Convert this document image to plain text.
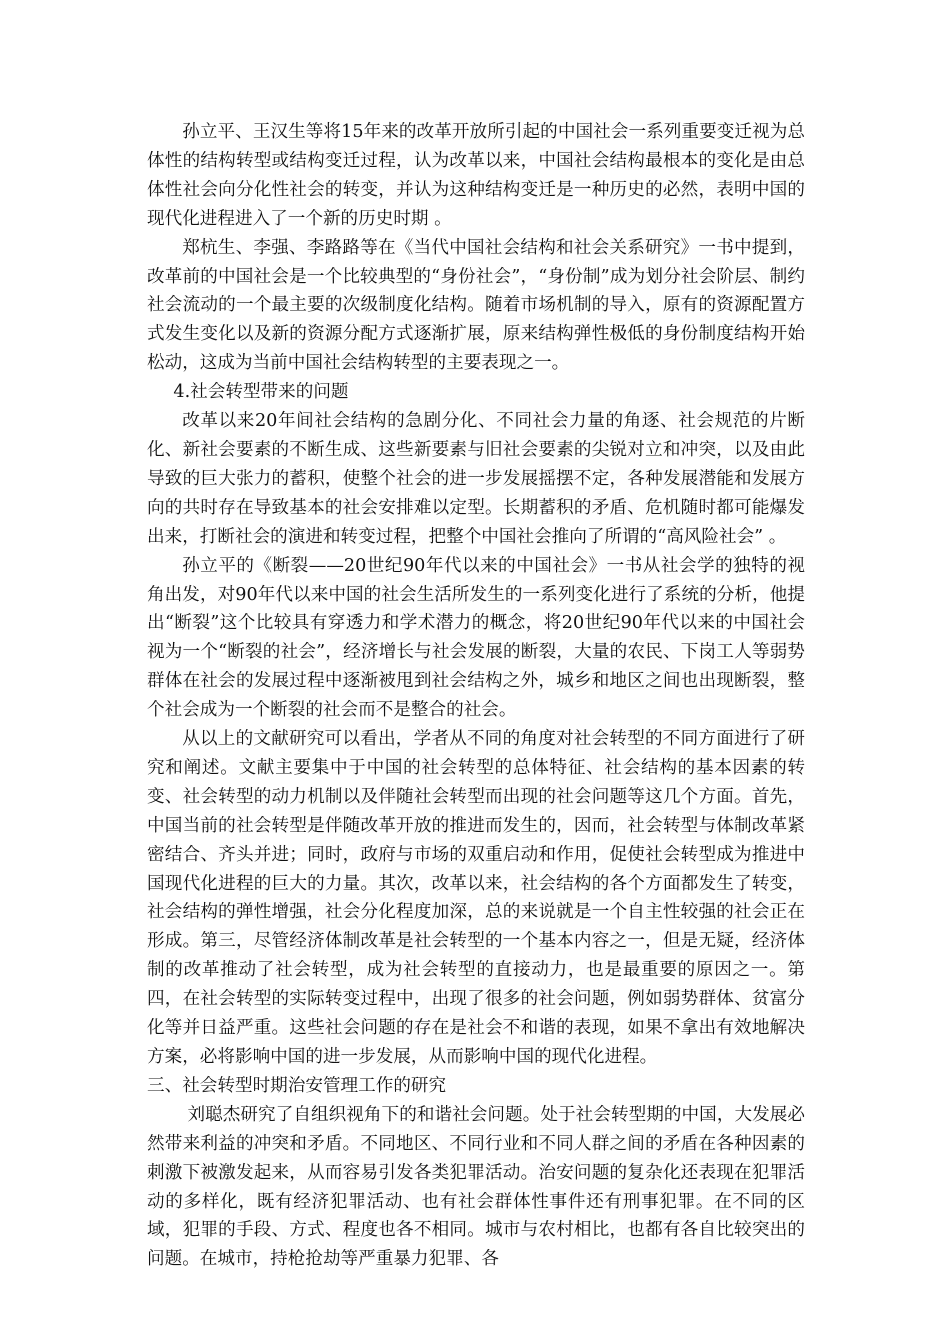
孙立平、王汉生等将15年来的改革开放所引起的中国社会一系列重要变迁视为总体性的结构转型或结构变迁过程，认为改革以来，中国社会结构最根本的变化是由总体性社会向分化性社会的转变，并认为这种结构变迁是一种历史的必然，表明中国的现代化进程进入了一个新的历史时期 。

郑杭生、李强、李路路等在《当代中国社会结构和社会关系研究》一书中提到，改革前的中国社会是一个比较典型的“身份社会”，“身份制”成为划分社会阶层、制约社会流动的一个最主要的次级制度化结构。随着市场机制的导入，原有的资源配置方式发生变化以及新的资源分配方式逐渐扩展，原来结构弹性极低的身份制度结构开始松动，这成为当前中国社会结构转型的主要表现之一。

4.社会转型带来的问题

改革以来20年间社会结构的急剧分化、不同社会力量的角逐、社会规范的片断化、新社会要素的不断生成、这些新要素与旧社会要素的尖锐对立和冲突，以及由此导致的巨大张力的蓄积，使整个社会的进一步发展摇摆不定，各种发展潜能和发展方向的共时存在导致基本的社会安排难以定型。长期蓄积的矛盾、危机随时都可能爆发出来，打断社会的演进和转变过程，把整个中国社会推向了所谓的“高风险社会” 。

孙立平的《断裂——20世纪90年代以来的中国社会》一书从社会学的独特的视角出发，对90年代以来中国的社会生活所发生的一系列变化进行了系统的分析，他提出“断裂”这个比较具有穿透力和学术潜力的概念，将20世纪90年代以来的中国社会视为一个“断裂的社会”，经济增长与社会发展的断裂，大量的农民、下岗工人等弱势群体在社会的发展过程中逐渐被甩到社会结构之外，城乡和地区之间也出现断裂，整个社会成为一个断裂的社会而不是整合的社会。

从以上的文献研究可以看出，学者从不同的角度对社会转型的不同方面进行了研究和阐述。文献主要集中于中国的社会转型的总体特征、社会结构的基本因素的转变、社会转型的动力机制以及伴随社会转型而出现的社会问题等这几个方面。首先，中国当前的社会转型是伴随改革开放的推进而发生的，因而，社会转型与体制改革紧密结合、齐头并进；同时，政府与市场的双重启动和作用，促使社会转型成为推进中国现代化进程的巨大的力量。其次，改革以来，社会结构的各个方面都发生了转变，社会结构的弹性增强，社会分化程度加深，总的来说就是一个自主性较强的社会正在形成。第三，尽管经济体制改革是社会转型的一个基本内容之一，但是无疑，经济体制的改革推动了社会转型，成为社会转型的直接动力，也是最重要的原因之一。第四，在社会转型的实际转变过程中，出现了很多的社会问题，例如弱势群体、贫富分化等并日益严重。这些社会问题的存在是社会不和谐的表现，如果不拿出有效地解决方案，必将影响中国的进一步发展，从而影响中国的现代化进程。

三、社会转型时期治安管理工作的研究

刘聪杰研究了自组织视角下的和谐社会问题。处于社会转型期的中国，大发展必然带来利益的冲突和矛盾。不同地区、不同行业和不同人群之间的矛盾在各种因素的刺激下被激发起来，从而容易引发各类犯罪活动。治安问题的复杂化还表现在犯罪活动的多样化，既有经济犯罪活动、也有社会群体性事件还有刑事犯罪。在不同的区域，犯罪的手段、方式、程度也各不相同。城市与农村相比，也都有各自比较突出的问题。在城市，持枪抢劫等严重暴力犯罪、各
